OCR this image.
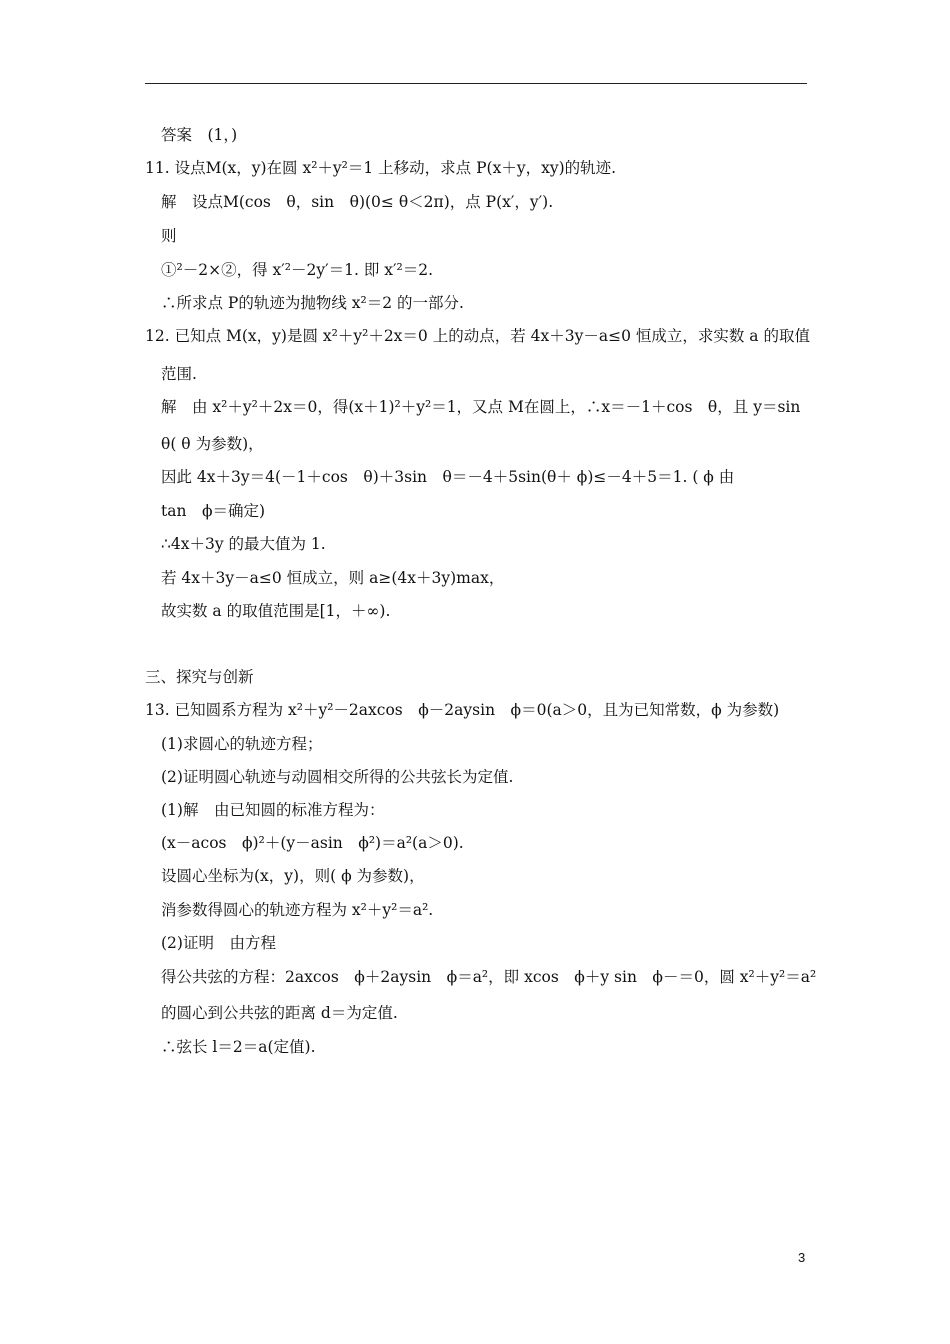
答案　(1，)
11. 设点M(x，y)在圆 x²＋y²＝1 上移动，求点 P(x＋y，xy)的轨迹.
解　设点M(cos　θ，sin　θ)(0≤ θ＜2π)，点 P(x′，y′).
则
①²－2×②，得 x′²－2y′＝1. 即 x′²＝2.
∴所求点 P的轨迹为抛物线 x²＝2 的一部分.
12. 已知点 M(x，y)是圆 x²＋y²＋2x＝0 上的动点，若 4x＋3y－a≤0 恒成立，求实数 a 的取值
范围.
解　由 x²＋y²＋2x＝0，得(x＋1)²＋y²＝1，又点 M在圆上，∴x＝－1＋cos　θ，且 y＝sin
θ( θ 为参数)，
因此 4x＋3y＝4(－1＋cos　θ)＋3sin　θ＝－4＋5sin(θ＋ ϕ)≤－4＋5＝1. ( ϕ 由
tan　ϕ＝确定)
∴4x＋3y 的最大值为 1.
若 4x＋3y－a≤0 恒成立，则 a≥(4x＋3y)max，
故实数 a 的取值范围是[1，＋∞).
三、探究与创新
13. 已知圆系方程为 x²＋y²－2axcos　ϕ－2aysin　ϕ＝0(a＞0，且为已知常数，ϕ 为参数)
(1)求圆心的轨迹方程；
(2)证明圆心轨迹与动圆相交所得的公共弦长为定值.
(1)解　由已知圆的标准方程为：
(x－acos　ϕ)²＋(y－asin　ϕ²)＝a²(a＞0).
设圆心坐标为(x，y)，则( ϕ 为参数)，
消参数得圆心的轨迹方程为 x²＋y²＝a².
(2)证明　由方程
得公共弦的方程：2axcos　ϕ＋2aysin　ϕ＝a²，即 xcos　ϕ＋y sin　ϕ－＝0，圆 x²＋y²＝a²
的圆心到公共弦的距离 d＝为定值.
∴弦长 l＝2＝a(定值).
3
